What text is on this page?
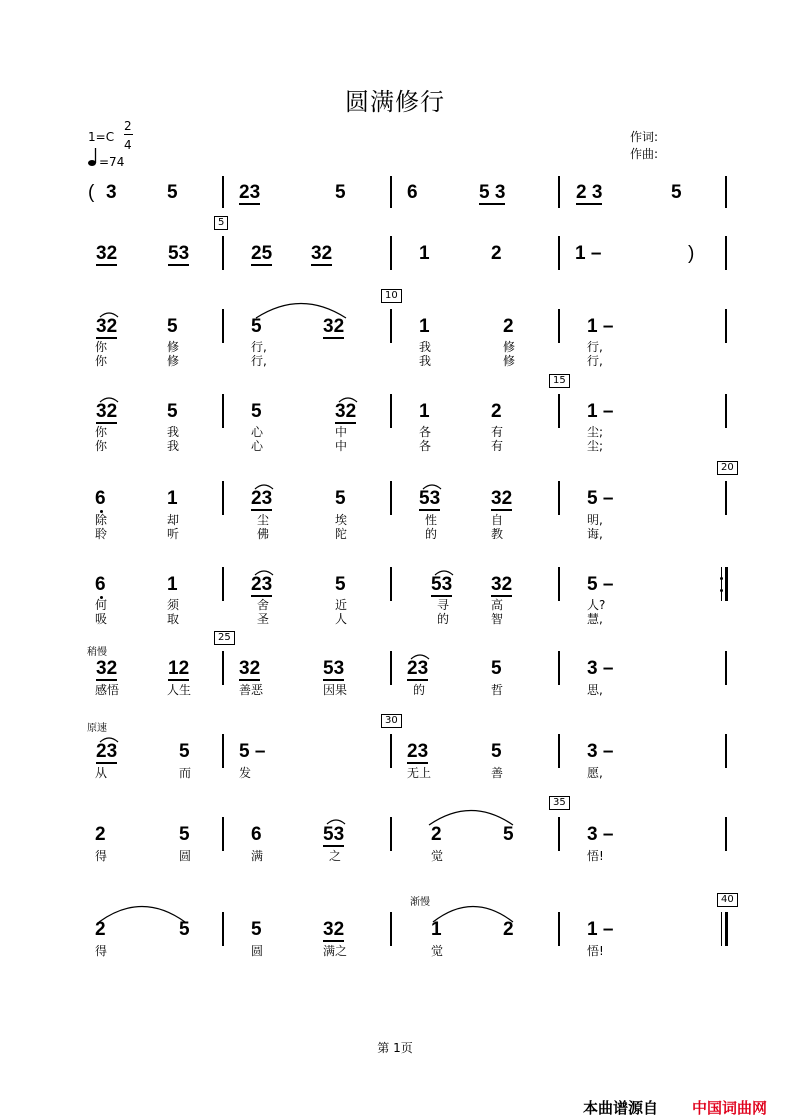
圆满修行
1=C
2
4
=74
作词:
作曲:
( 3	5	23	5	6	5 3	2 3	5
5
32	53	25 32	1	2	1 –	)
10
32	5	5	32	1	2	1 –
你	修	行,	我	修	行,
你	修	行,	我	修	行,
15
32	5	5	32	1	2	1 –
你	我	心	中	各	有	尘;
你	我	心	中	各	有	尘;
20
6	1	23	5	53	32	5 –
除	却	尘	埃	性	自	明,
聆	听	佛	陀	的	教	诲,
6	1	23	5	53 32	5 –
何	须	舍	近	寻	高	人?
吸	取	圣	人	的	智	慧,
25
稍慢
32	12	32	53	23	5	3 –
感悟	人生	善恶	因果	的	哲	思,
原速
30
23	5	5 –	23	5	3 –
从	而	发	无上	善	愿,
35
2	5	6	53	2	5	3 –
得	圆	满	之	觉	悟!
渐慢	40
2	5	5	32	1	2	1 –
得	圆	满之	觉	悟!
第 1页
本曲谱源自 中国词曲网
